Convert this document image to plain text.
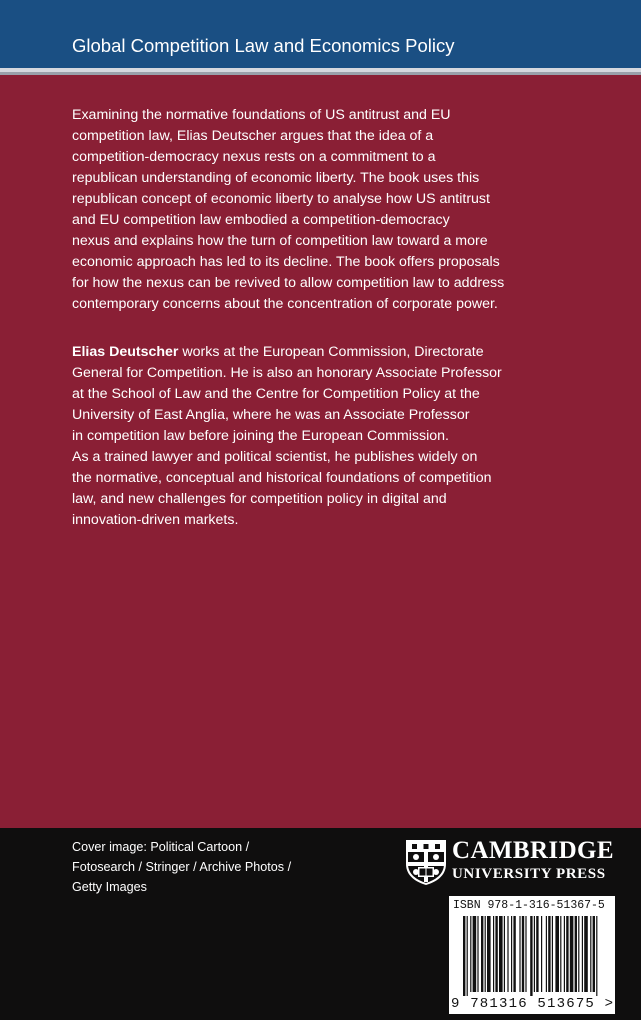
Global Competition Law and Economics Policy

Examining the normative foundations of US antitrust and EU
competition law, Elias Deutscher argues that the idea of a
competition-democracy nexus rests on a commitment to a
republican understanding of economic liberty. The book uses this
republican concept of economic liberty to analyse how US antitrust
and EU competition law embodied a competition-democracy
nexus and explains how the turn of competition law toward a more
economic approach has led to its decline. The book offers proposals
for how the nexus can be revived to allow competition law to address
contemporary concerns about the concentration of corporate power.

Elias Deutscher works at the European Commission, Directorate
General for Competition. He is also an honorary Associate Professor
at the School of Law and the Centre for Competition Policy at the
University of East Anglia, where he was an Associate Professor
in competition law before joining the European Commission.
As a trained lawyer and political scientist, he publishes widely on
the normative, conceptual and historical foundations of competition
law, and new challenges for competition policy in digital and
innovation-driven markets.

Cover image: Political Cartoon /
Fotosearch / Stringer / Archive Photos /
Getty Images

CAMBRIDGE
UNIVERSITY PRESS
ISBN 978-1-316-51367-5
9 781316 513675 >
